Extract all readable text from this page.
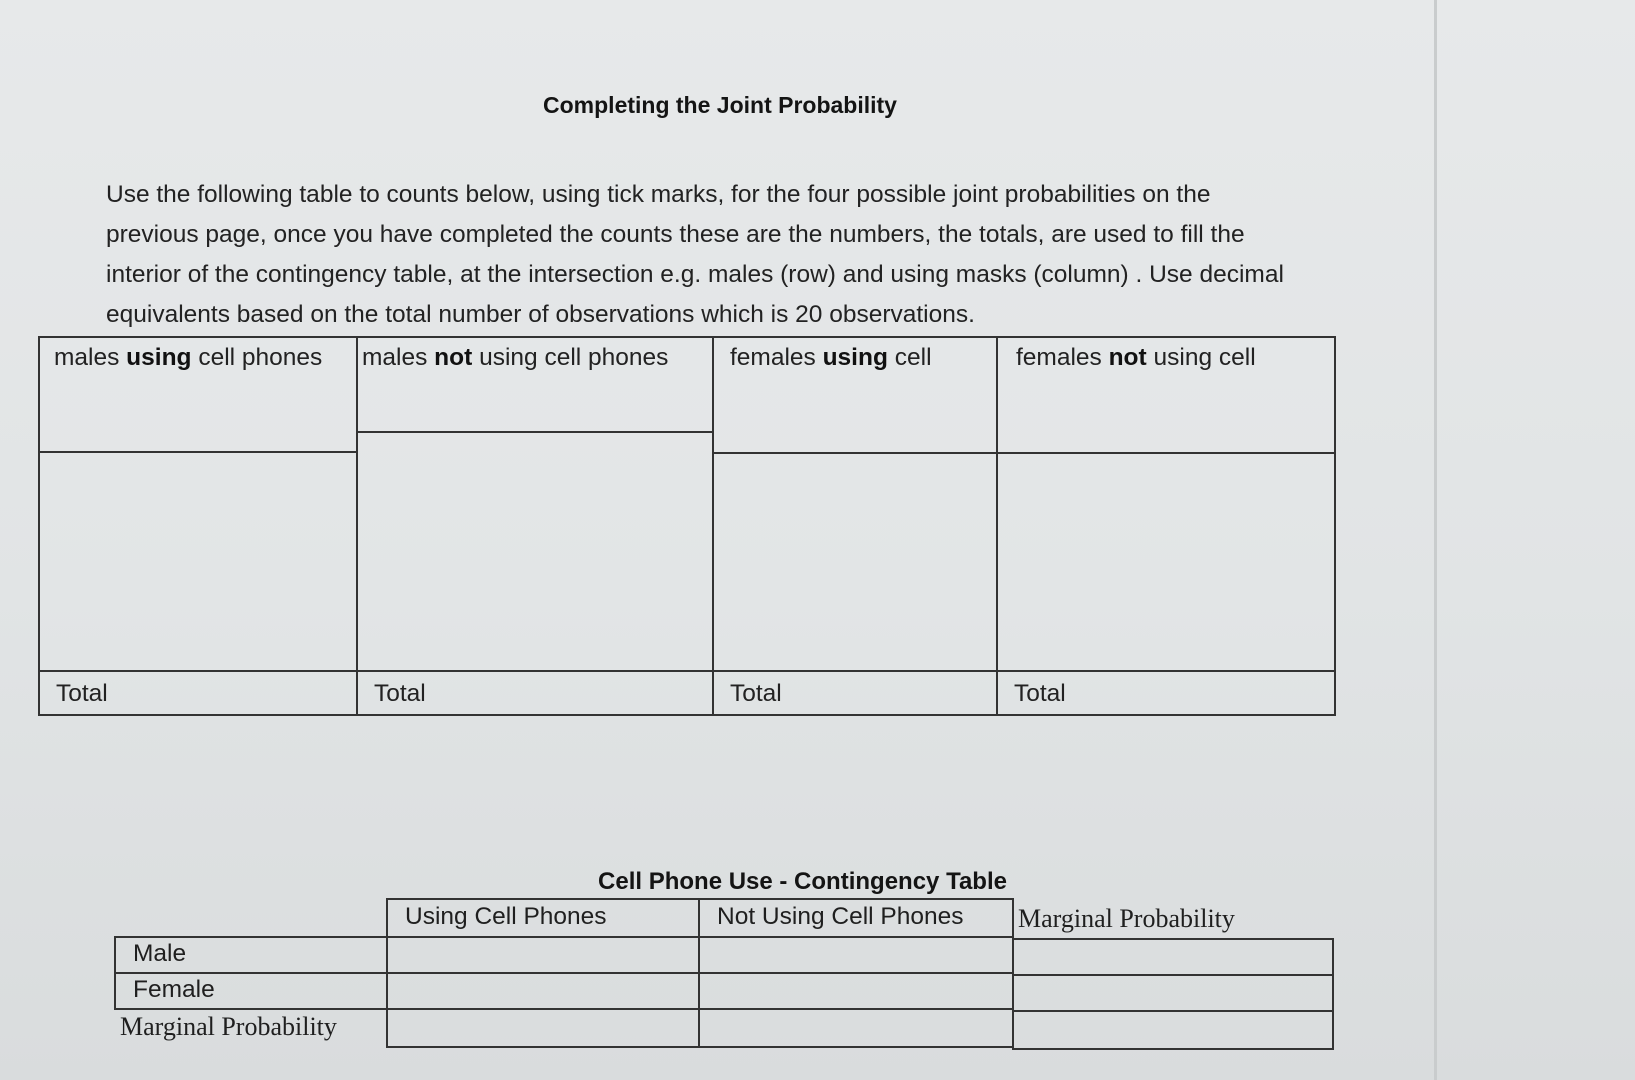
Completing the Joint Probability

Use the following table to counts below, using tick marks, for the four possible joint probabilities on the
previous page, once you have completed the counts these are the numbers, the totals, are used to fill the
interior of the contingency table, at the intersection e.g. males (row) and using masks (column) . Use decimal
equivalents based on the total number of observations which is 20 observations.

males using cell phones
Total
males not using cell phones
Total
females using cell
Total
females not using cell
Total
Cell Phone Use - Contingency Table
Using Cell Phones	Not Using Cell Phones Marginal Probability
Male
Female
Marginal Probability
